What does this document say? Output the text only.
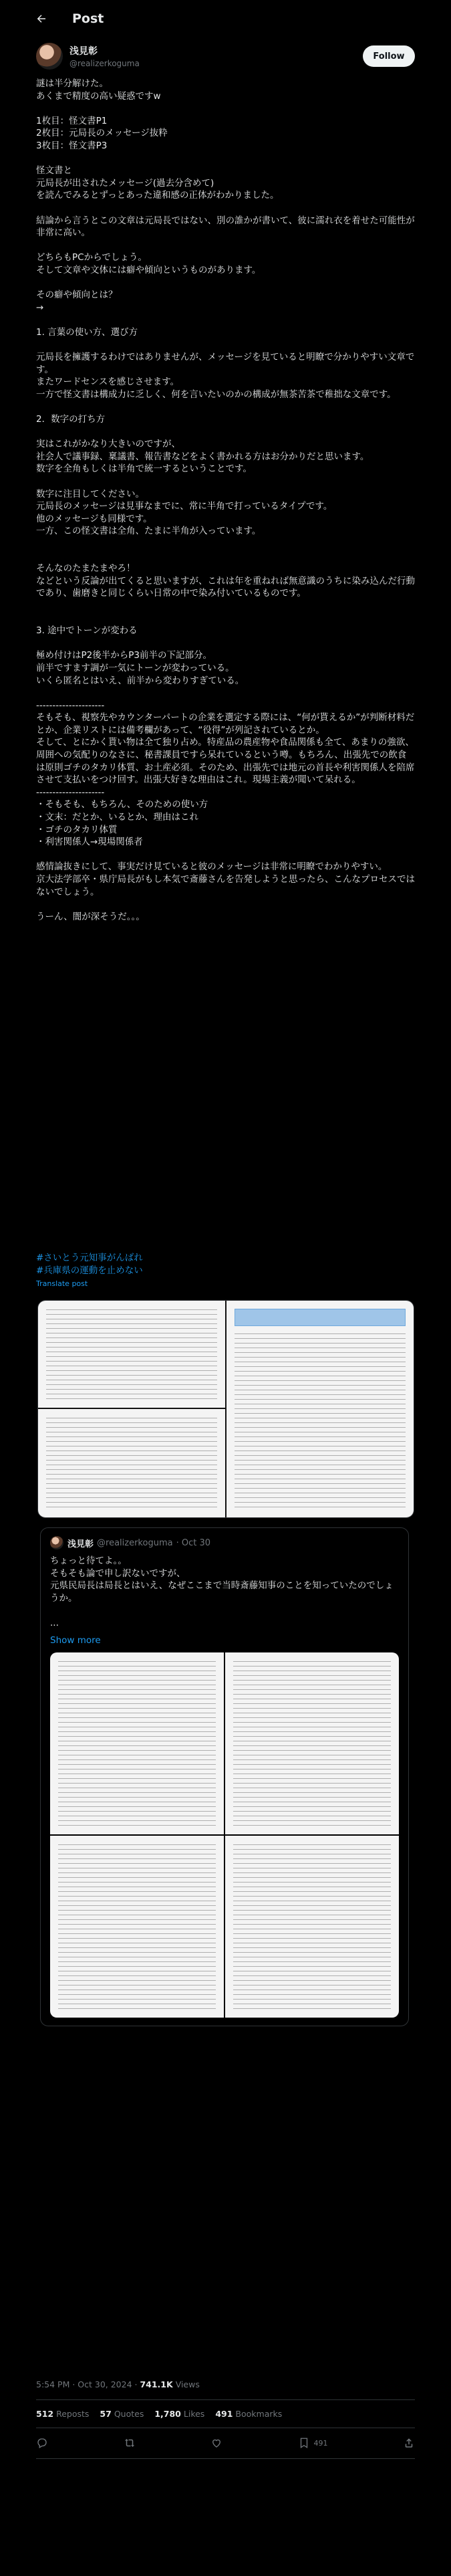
Post
浅見彰
@realizerkoguma
Follow
謎は半分解けた。
あくまで精度の高い疑惑ですw

1枚目：怪文書P1
2枚目：元局長のメッセージ抜粋
3枚目：怪文書P3

怪文書と
元局長が出されたメッセージ(過去分含めて)
を読んでみるとずっとあった違和感の正体がわかりました。

結論から言うとこの文章は元局長ではない、別の誰かが書いて、彼に濡れ衣を着せた可能性が非常に高い。

どちらもPCからでしょう。
そして文章や文体には癖や傾向というものがあります。

その癖や傾向とは？
→

1. 言葉の使い方、選び方

元局長を擁護するわけではありませんが、メッセージを見ていると明瞭で分かりやすい文章です。
またワードセンスを感じさせます。
一方で怪文書は構成力に乏しく、何を言いたいのかの構成が無茶苦茶で稚拙な文章です。

2．数字の打ち方

実はこれがかなり大きいのですが、
社会人で議事録、稟議書、報告書などをよく書かれる方はお分かりだと思います。
数字を全角もしくは半角で統一するということです。

数字に注目してください。
元局長のメッセージは見事なまでに、常に半角で打っているタイプです。
他のメッセージも同様です。
一方、この怪文書は全角、たまに半角が入っています。

そんなのたまたまやろ！
などという反論が出てくると思いますが、これは年を重ねれば無意識のうちに染み込んだ行動であり、歯磨きと同じくらい日常の中で染み付いているものです。

3. 途中でトーンが変わる

極め付けはP2後半からP3前半の下記部分。
前半ですます調が一気にトーンが変わっている。
いくら匿名とはいえ、前半から変わりすぎている。

---------------------
そもそも、視察先やカウンターパートの企業を選定する際には、“何が貰えるか”が判断材料だとか、企業リストには備考欄があって、“役得”が列記されているとか。
そして、とにかく貰い物は全て独り占め。特産品の農産物や食品関係も全て、あまりの強欲、周囲への気配りのなさに、秘書課員ですら呆れているという噂。もちろん、出張先での飲食は原則ゴチのタカリ体質、お土産必須。そのため、出張先では地元の首長や利害関係人を陪席させて支払いをつけ回す。出張大好きな理由はこれ。現場主義が聞いて呆れる。
---------------------
・そもそも、もちろん、そのための使い方
・文末：だとか、いるとか、理由はこれ
・ゴチのタカリ体質
・利害関係人→現場関係者

感情論抜きにして、事実だけ見ていると彼のメッセージは非常に明瞭でわかりやすい。
京大法学部卒・県庁局長がもし本気で斎藤さんを告発しようと思ったら、こんなプロセスではないでしょう。

うーん、闇が深そうだ。。。
#さいとう元知事がんばれ
#兵庫県の運動を止めない
Translate post
浅見彰 @realizerkoguma · Oct 30
ちょっと待てよ。。
そもそも論で申し訳ないですが、
元県民局長は局長とはいえ、なぜここまで当時斎藤知事のことを知っていたのでしょうか。

...
Show more
5:54 PM · Oct 30, 2024 · 741.1K Views
512 Reposts 57 Quotes 1,780 Likes 491 Bookmarks
491
